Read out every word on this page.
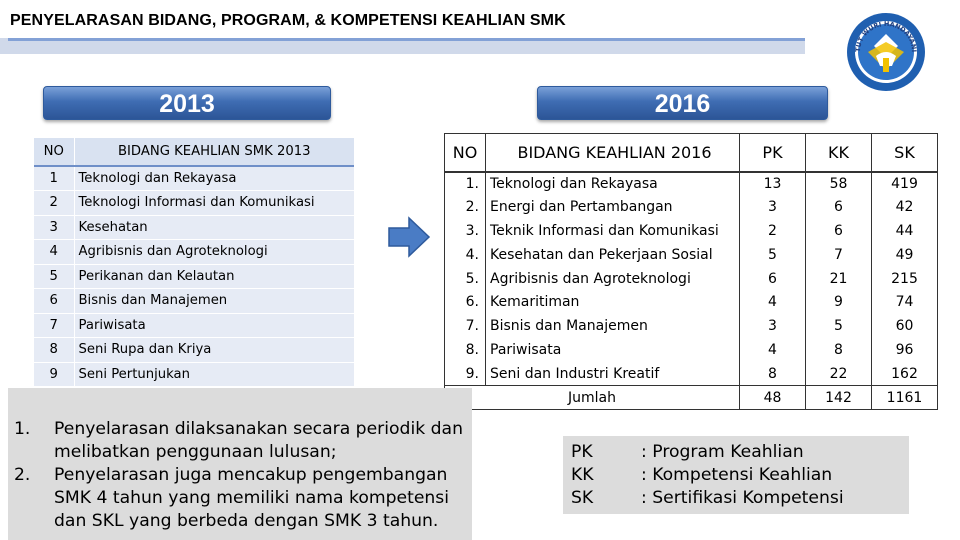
PENYELARASAN BIDANG, PROGRAM, & KOMPETENSI KEAHLIAN SMK
TUT WURI HANDAYANI
2013	2016
NO	BIDANG KEAHLIAN SMK 2013
1	Teknologi dan Rekayasa
2	Teknologi Informasi dan Komunikasi
3	Kesehatan
4	Agribisnis dan Agroteknologi
5	Perikanan dan Kelautan
6	Bisnis dan Manajemen
7	Pariwisata
8	Seni Rupa dan Kriya
9	Seni Pertunjukan
NO	BIDANG KEAHLIAN 2016	PK	KK	SK
1.	Teknologi dan Rekayasa	13	58	419
2.	Energi dan Pertambangan	3	6	42
3.	Teknik Informasi dan Komunikasi	2	6	44
4.	Kesehatan dan Pekerjaan Sosial	5	7	49
5.	Agribisnis dan Agroteknologi	6	21	215
6.	Kemaritiman	4	9	74
7.	Bisnis dan Manajemen	3	5	60
8.	Pariwisata	4	8	96
9.	Seni dan Industri Kreatif	8	22	162
Jumlah		48	142	1161
1. Penyelarasan dilaksanakan secara periodik dan melibatkan penggunaan lulusan;
2. Penyelarasan juga mencakup pengembangan SMK 4 tahun yang memiliki nama kompetensi dan SKL yang berbeda dengan SMK 3 tahun.
PK	: Program Keahlian
KK	: Kompetensi Keahlian
SK	: Sertifikasi Kompetensi
